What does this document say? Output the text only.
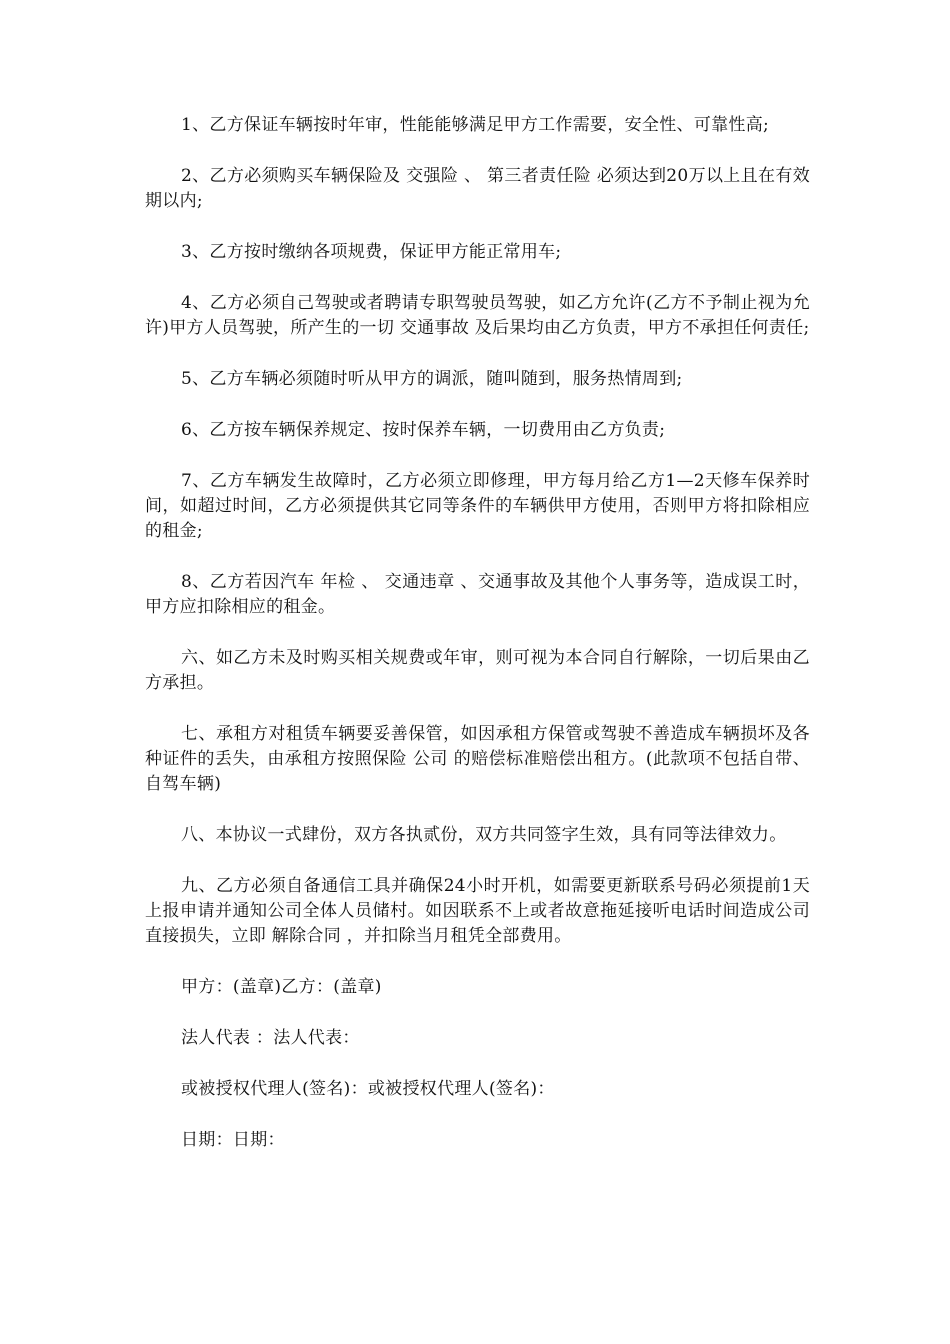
1、乙方保证车辆按时年审，性能能够满足甲方工作需要，安全性、可靠性高;

2、乙方必须购买车辆保险及 交强险 、 第三者责任险 必须达到20万以上且在有效期以内;

3、乙方按时缴纳各项规费，保证甲方能正常用车;

4、乙方必须自己驾驶或者聘请专职驾驶员驾驶，如乙方允许(乙方不予制止视为允许)甲方人员驾驶，所产生的一切 交通事故 及后果均由乙方负责，甲方不承担任何责任;

5、乙方车辆必须随时听从甲方的调派，随叫随到，服务热情周到;

6、乙方按车辆保养规定、按时保养车辆，一切费用由乙方负责;

7、乙方车辆发生故障时，乙方必须立即修理，甲方每月给乙方1—2天修车保养时间，如超过时间，乙方必须提供其它同等条件的车辆供甲方使用，否则甲方将扣除相应的租金;

8、乙方若因汽车 年检 、 交通违章 、交通事故及其他个人事务等，造成误工时，甲方应扣除相应的租金。

六、如乙方未及时购买相关规费或年审，则可视为本合同自行解除，一切后果由乙方承担。

七、承租方对租赁车辆要妥善保管，如因承租方保管或驾驶不善造成车辆损坏及各种证件的丢失，由承租方按照保险 公司 的赔偿标准赔偿出租方。(此款项不包括自带、自驾车辆)

八、本协议一式肆份，双方各执贰份，双方共同签字生效，具有同等法律效力。

九、乙方必须自备通信工具并确保24小时开机，如需要更新联系号码必须提前1天上报申请并通知公司全体人员储村。如因联系不上或者故意拖延接听电话时间造成公司直接损失，立即 解除合同 ，并扣除当月租凭全部费用。

甲方：(盖章)乙方：(盖章)

法人代表 ：法人代表：

或被授权代理人(签名)：或被授权代理人(签名)：

日期：日期：
